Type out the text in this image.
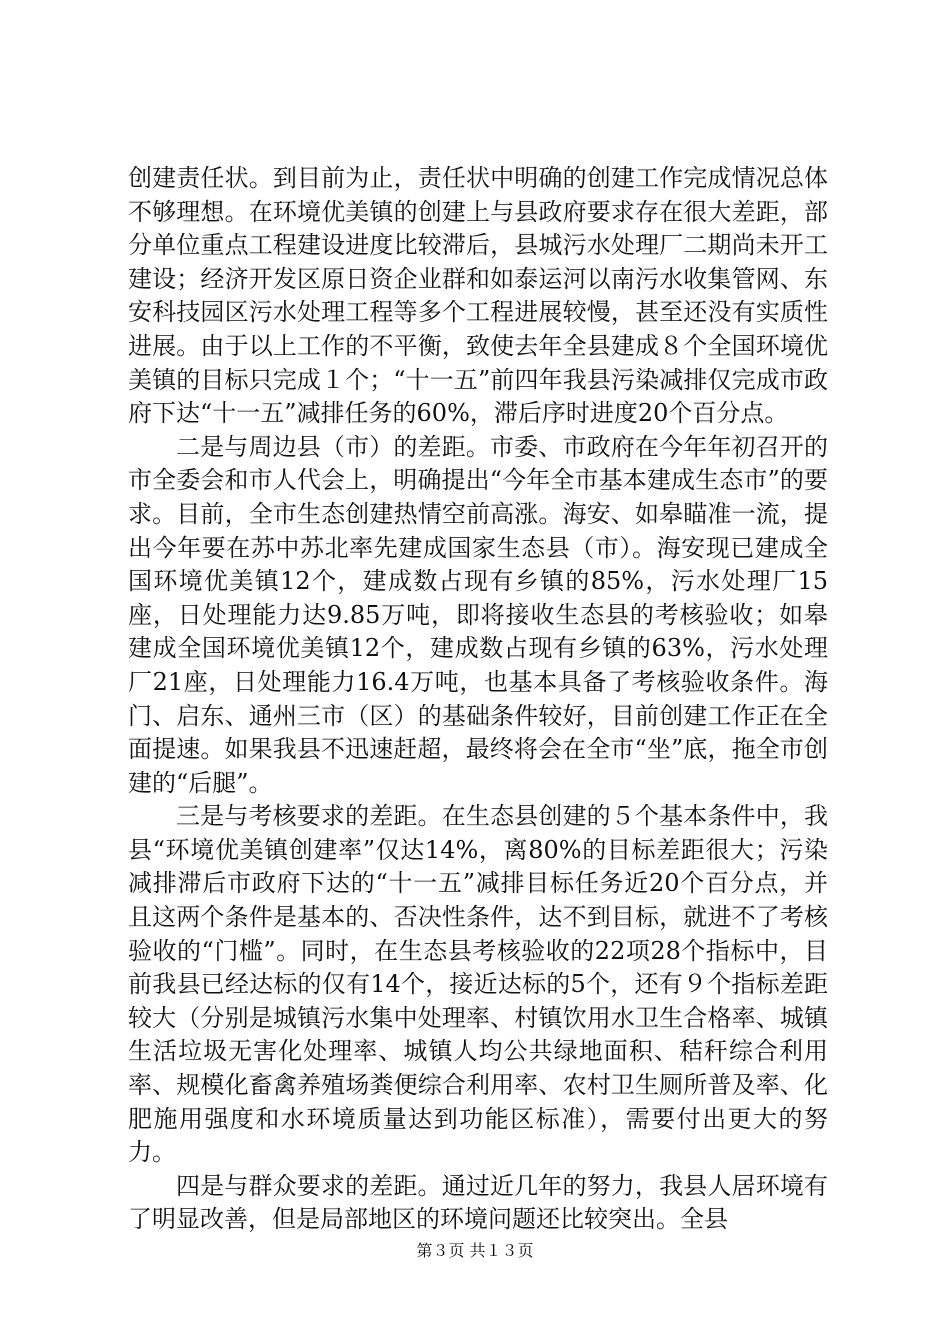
创建责任状。到目前为止，责任状中明确的创建工作完成情况总体不够理想。在环境优美镇的创建上与县政府要求存在很大差距，部分单位重点工程建设进度比较滞后，县城污水处理厂二期尚未开工建设；经济开发区原日资企业群和如泰运河以南污水收集管网、东安科技园区污水处理工程等多个工程进展较慢，甚至还没有实质性进展。由于以上工作的不平衡，致使去年全县建成８个全国环境优美镇的目标只完成１个；“十一五”前四年我县污染减排仅完成市政府下达“十一五”减排任务的60%，滞后序时进度20个百分点。

二是与周边县（市）的差距。市委、市政府在今年年初召开的市全委会和市人代会上，明确提出“今年全市基本建成生态市”的要求。目前，全市生态创建热情空前高涨。海安、如皋瞄准一流，提出今年要在苏中苏北率先建成国家生态县（市）。海安现已建成全国环境优美镇12个，建成数占现有乡镇的85%，污水处理厂15座，日处理能力达9.85万吨，即将接收生态县的考核验收；如皋建成全国环境优美镇12个，建成数占现有乡镇的63%，污水处理厂21座，日处理能力16.4万吨，也基本具备了考核验收条件。海门、启东、通州三市（区）的基础条件较好，目前创建工作正在全面提速。如果我县不迅速赶超，最终将会在全市“坐”底，拖全市创建的“后腿”。

三是与考核要求的差距。在生态县创建的５个基本条件中，我县“环境优美镇创建率”仅达14%，离80%的目标差距很大；污染减排滞后市政府下达的“十一五”减排目标任务近20个百分点，并且这两个条件是基本的、否决性条件，达不到目标，就进不了考核验收的“门槛”。同时，在生态县考核验收的22项28个指标中，目前我县已经达标的仅有14个，接近达标的5个，还有９个指标差距较大（分别是城镇污水集中处理率、村镇饮用水卫生合格率、城镇生活垃圾无害化处理率、城镇人均公共绿地面积、秸秆综合利用率、规模化畜禽养殖场粪便综合利用率、农村卫生厕所普及率、化肥施用强度和水环境质量达到功能区标准），需要付出更大的努力。

四是与群众要求的差距。通过近几年的努力，我县人居环境有了明显改善，但是局部地区的环境问题还比较突出。全县

第３页 共１３页
